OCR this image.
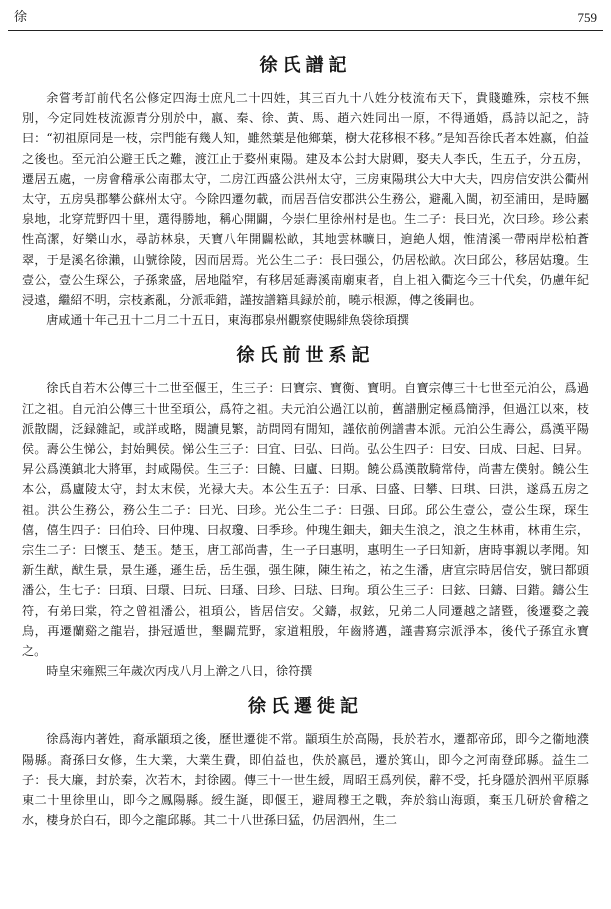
徐	759
徐氏譜記

余嘗考訂前代名公修定四海士庶凡二十四姓，其三百九十八姓分枝流布天下，貴賤雖殊，宗枝不無別，今定同姓枝流源青分別於中，嬴、秦、徐、黃、馬、趙六姓同出一原，不得通婚，爲詩以記之，詩曰：“初祖原同是一枝，宗門能有幾人知，雖然葉是他鄉葉，樹大花移根不移。”是知吾徐氏者本姓嬴，伯益之後也。至元泊公避王氏之難，渡江止于婺州東陽。建及本公封大尉卿，娶夫人李氏，生五子，分五房，遷居五處，一房會稽承公南郡太守，二房江西盛公洪州太守，三房東陽琪公大中大夫，四房信安洪公衢州太守，五房吳郡攀公蘇州太守。今除四遷勿載，而居吾信安郡洪公生務公，避亂入閩，初至浦田，是時屬泉地，北穿荒野四十里，選得勝地，稱心開闢，今崇仁里徐州村是也。生二子：長曰光，次曰珍。珍公素性高潔，好樂山水，尋訪林泉，天寶八年開闢松畝，其地雲林曠日，逈絶人烟，惟清溪一帶兩岸松柏蒼翠，于是溪名徐瀨，山號徐陵，因而居焉。光公生二子：長曰强公，仍居松畝。次曰邱公，移居姑瓊。生壹公，壹公生琛公，子孫衆盛，居地隘窄，有移居延壽溪南廟東者，自上祖入衢迄今三十代矣，仍慮年紀浸遠，繼紹不明，宗枝紊亂，分派乖錯，謹按譜籍具録於前，曉示根源，傳之後嗣也。

唐咸通十年己丑十二月二十五日，東海郡泉州觀察使賜緋魚袋徐頊撰

徐氏前世系記

徐氏自若木公傳三十二世至偃王，生三子：曰寶宗、寶衡、寶明。自寶宗傳三十七世至元泊公，爲過江之祖。自元泊公傳三十世至頊公，爲符之祖。夫元泊公過江以前，舊譜删定極爲簡淨，但過江以來，枝派散闊，泛録雜記，或詳或略，閱讀見繁，訪問罔有閒知，謹依前例譜書本派。元泊公生壽公，爲漢平陽侯。壽公生悌公，封始興侯。悌公生三子：曰宜、曰弘、曰尚。弘公生四子：曰安、曰成、曰起、曰昇。昇公爲漢鎮北大將軍，封咸陽侯。生三子：曰饒、曰廬、曰期。饒公爲漢散騎常侍，尚書左僕射。饒公生本公，爲廬陵太守，封太末侯，光禄大夫。本公生五子：曰承、曰盛、曰攀、曰琪、曰洪，遂爲五房之祖。洪公生務公，務公生二子：曰光、曰珍。光公生二子：曰强、曰邱。邱公生壹公，壹公生琛，琛生僖，僖生四子：曰伯玲、曰仲瑰、曰叔瓊、曰季珍。仲瑰生鈿夫，鈿夫生浪之，浪之生林甫，林甫生宗，宗生二子：曰懷玉、楚玉。楚玉，唐工部尚書，生一子曰惠明，惠明生一子曰知新，唐時事親以孝聞。知新生猷，猷生景，景生遜，遜生岳，岳生强，强生陳，陳生祐之，祐之生潘，唐宣宗時居信安，號曰都頭潘公，生七子：曰頊、曰環、曰玩、曰瑵、曰珍、曰琺、曰珣。頊公生三子：曰鉉、曰鑄、曰鍇。鑄公生符，有弟曰棠，符之曾祖潘公，祖頊公，皆居信安。父鑄，叔鉉，兄弟二人同遷越之諸暨，後遷婺之義烏，再遷蘭谿之龍岩，掛冠遁世，墾闢荒野，家道粗殷，年齒將邁，謹書寫宗派淨本，後代子孫宜永寶之。

時皇宋雍熙三年歲次丙戌八月上澣之八日，徐符撰

徐氏遷徙記

徐爲海内著姓，裔承顓頊之後，歷世遷徙不常。顓頊生於高陽，長於若水，遷都帝邱，即今之衞地濮陽縣。裔孫曰女修，生大業，大業生費，即伯益也，佚於嬴邑，遷於箕山，即今之河南登邱縣。益生二子：長大廉，封於秦，次若木，封徐國。傳三十一世生綬，周昭王爲列侯，辭不受，托身隱於泗州平原縣東二十里徐里山，即今之鳳陽縣。綬生誕，即偃王，避周穆王之戰，奔於翁山海頭，棄玉几研於會稽之水，棲身於白石，即今之龍邱縣。其二十八世孫曰猛，仍居泗州，生二
